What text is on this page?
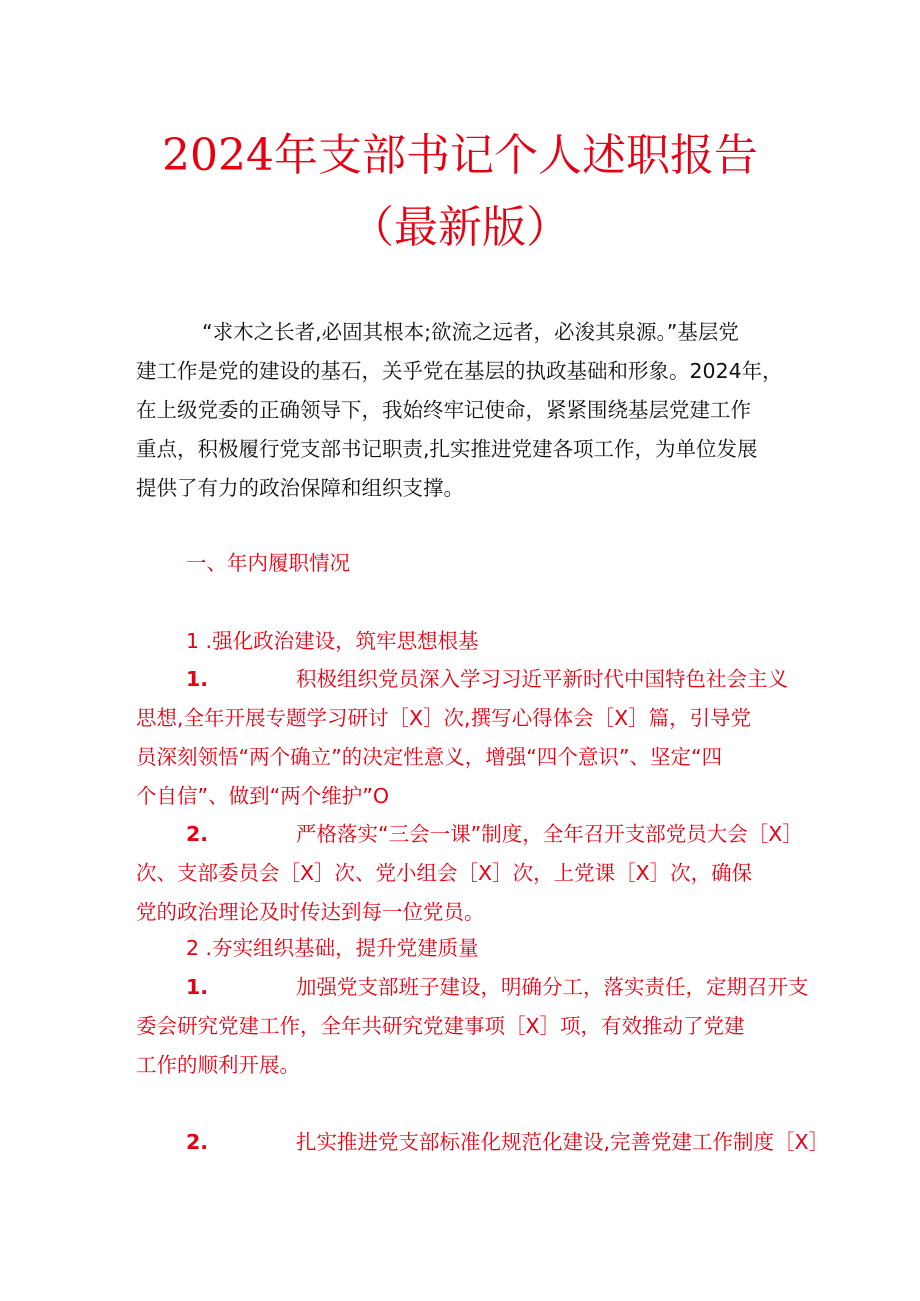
2024年支部书记个人述职报告
（最新版）
“求木之长者,必固其根本;欲流之远者，必浚其泉源。”基层党
建工作是党的建设的基石，关乎党在基层的执政基础和形象。2024年，
在上级党委的正确领导下，我始终牢记使命，紧紧围绕基层党建工作
重点，积极履行党支部书记职责,扎实推进党建各项工作，为单位发展
提供了有力的政治保障和组织支撑。
一、年内履职情况
1 .强化政治建设，筑牢思想根基
1.	积极组织党员深入学习习近平新时代中国特色社会主义
思想,全年开展专题学习研讨［X］次,撰写心得体会［X］篇，引导党
员深刻领悟“两个确立”的决定性意义，增强“四个意识”、坚定“四
个自信”、做到“两个维护”O
2.	严格落实“三会一课”制度，全年召开支部党员大会［X］
次、支部委员会［X］次、党小组会［X］次，上党课［X］次，确保
党的政治理论及时传达到每一位党员。
2 .夯实组织基础，提升党建质量
1.	加强党支部班子建设，明确分工，落实责任，定期召开支
委会研究党建工作，全年共研究党建事项［X］项，有效推动了党建
工作的顺利开展。
2.	扎实推进党支部标准化规范化建设,完善党建工作制度［X］
